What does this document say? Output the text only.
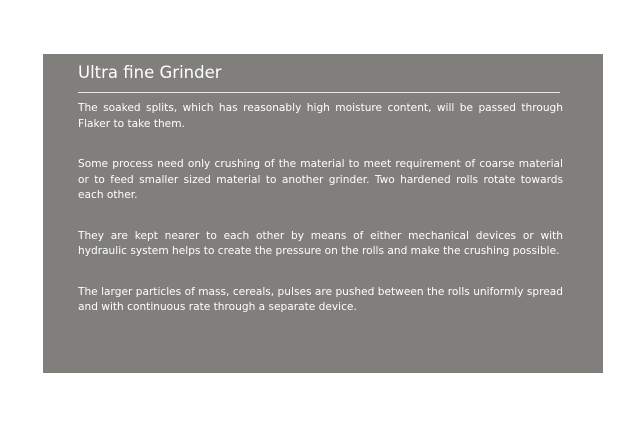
Ultra fine Grinder

The soaked splits, which has reasonably high moisture content, will be passed through Flaker to take them.

Some process need only crushing of the material to meet requirement of coarse material or to feed smaller sized material to another grinder. Two hardened rolls rotate towards each other.

They are kept nearer to each other by means of either mechanical devices or with hydraulic system helps to create the pressure on the rolls and make the crushing possible.

The larger particles of mass, cereals, pulses are pushed between the rolls uniformly spread and with continuous rate through a separate device.
